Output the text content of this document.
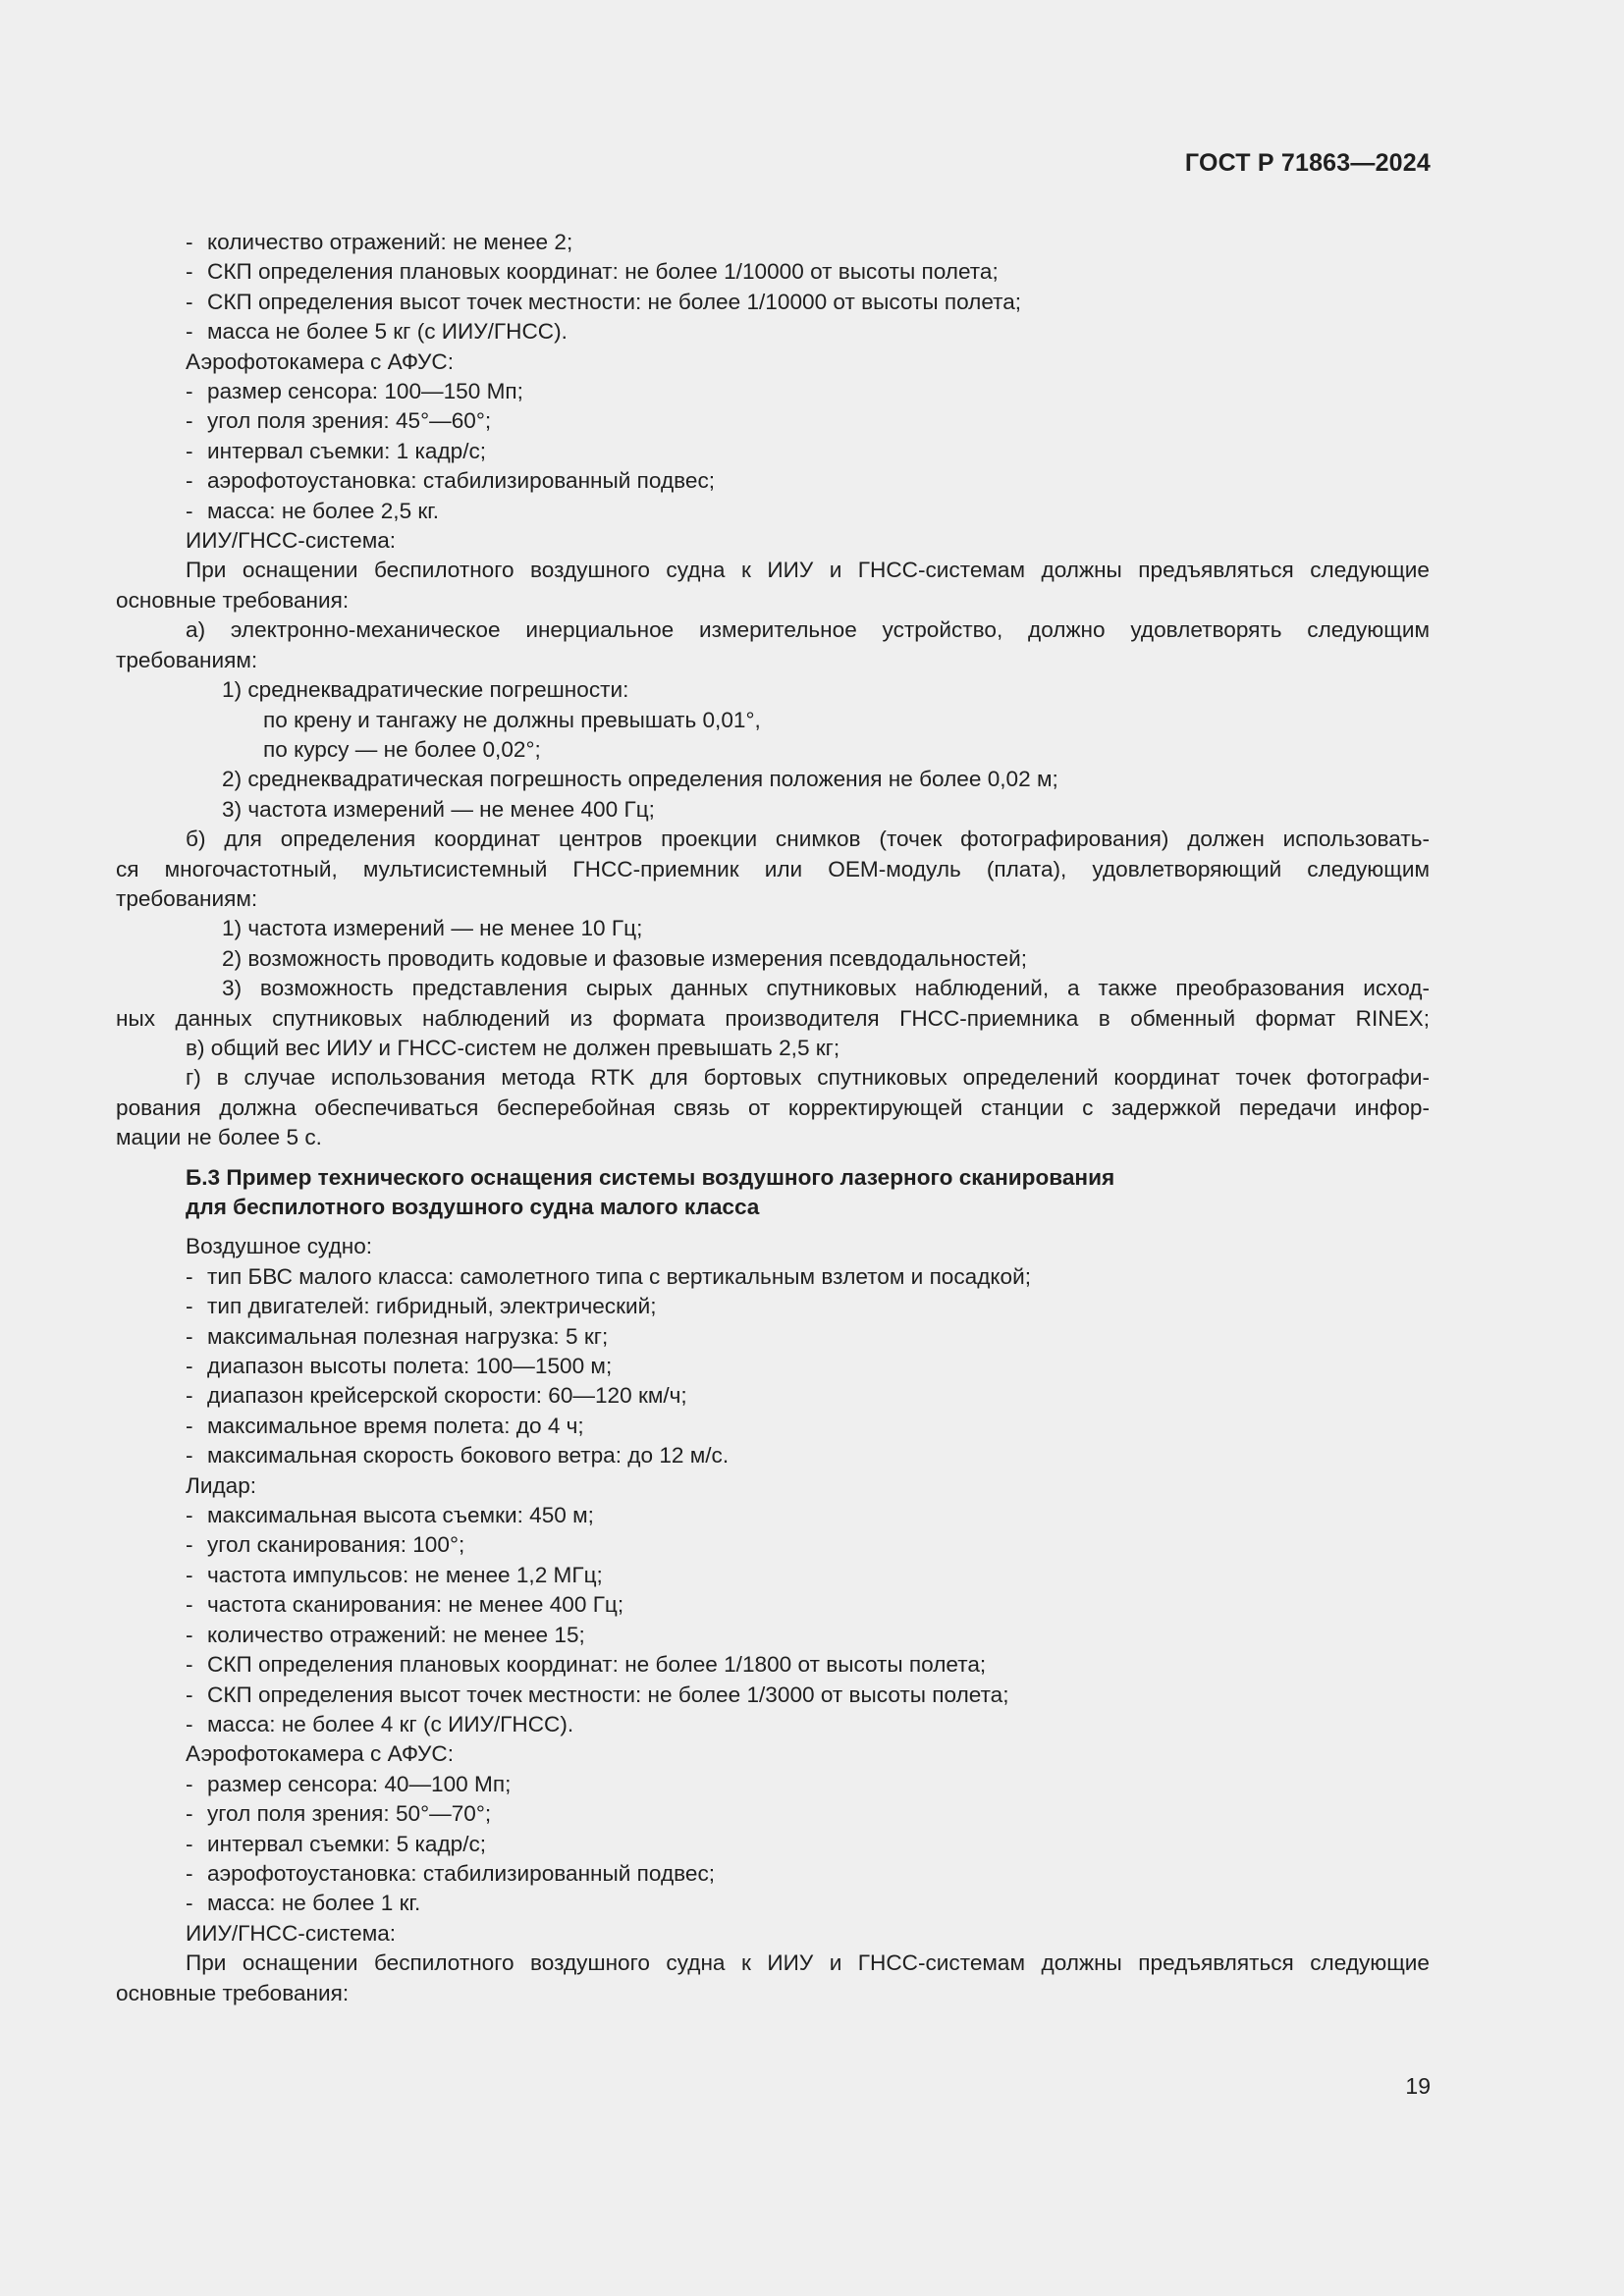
ГОСТ Р 71863—2024
- количество отражений: не менее 2;
- СКП определения плановых координат: не более 1/10000 от высоты полета;
- СКП определения высот точек местности: не более 1/10000 от высоты полета;
- масса не более 5 кг (с ИИУ/ГНСС).
Аэрофотокамера с АФУС:
- размер сенсора: 100—150 Мп;
- угол поля зрения: 45°—60°;
- интервал съемки: 1 кадр/с;
- аэрофотоустановка: стабилизированный подвес;
- масса: не более 2,5 кг.
ИИУ/ГНСС-система:
При оснащении беспилотного воздушного судна к ИИУ и ГНСС-системам должны предъявляться следующие
основные требования:
а) электронно-механическое инерциальное измерительное устройство, должно удовлетворять следующим
требованиям:
1) среднеквадратические погрешности:
по крену и тангажу не должны превышать 0,01°,
по курсу — не более 0,02°;
2) среднеквадратическая погрешность определения положения не более 0,02 м;
3) частота измерений — не менее 400 Гц;
б) для определения координат центров проекции снимков (точек фотографирования) должен использовать-
ся многочастотный, мультисистемный ГНСС-приемник или OEM-модуль (плата), удовлетворяющий следующим
требованиям:
1) частота измерений — не менее 10 Гц;
2) возможность проводить кодовые и фазовые измерения псевдодальностей;
3) возможность представления сырых данных спутниковых наблюдений, а также преобразования исход-
ных данных спутниковых наблюдений из формата производителя ГНСС-приемника в обменный формат RINEX;
в) общий вес ИИУ и ГНСС-систем не должен превышать 2,5 кг;
г) в случае использования метода RTK для бортовых спутниковых определений координат точек фотографи-
рования должна обеспечиваться бесперебойная связь от корректирующей станции с задержкой передачи инфор-
мации не более 5 с.
Б.3 Пример технического оснащения системы воздушного лазерного сканирования
для беспилотного воздушного судна малого класса
Воздушное судно:
- тип БВС малого класса: самолетного типа с вертикальным взлетом и посадкой;
- тип двигателей: гибридный, электрический;
- максимальная полезная нагрузка: 5 кг;
- диапазон высоты полета: 100—1500 м;
- диапазон крейсерской скорости: 60—120 км/ч;
- максимальное время полета: до 4 ч;
- максимальная скорость бокового ветра: до 12 м/с.
Лидар:
- максимальная высота съемки: 450 м;
- угол сканирования: 100°;
- частота импульсов: не менее 1,2 МГц;
- частота сканирования: не менее 400 Гц;
- количество отражений: не менее 15;
- СКП определения плановых координат: не более 1/1800 от высоты полета;
- СКП определения высот точек местности: не более 1/3000 от высоты полета;
- масса: не более 4 кг (с ИИУ/ГНСС).
Аэрофотокамера с АФУС:
- размер сенсора: 40—100 Мп;
- угол поля зрения: 50°—70°;
- интервал съемки: 5 кадр/с;
- аэрофотоустановка: стабилизированный подвес;
- масса: не более 1 кг.
ИИУ/ГНСС-система:
При оснащении беспилотного воздушного судна к ИИУ и ГНСС-системам должны предъявляться следующие
основные требования:
19
